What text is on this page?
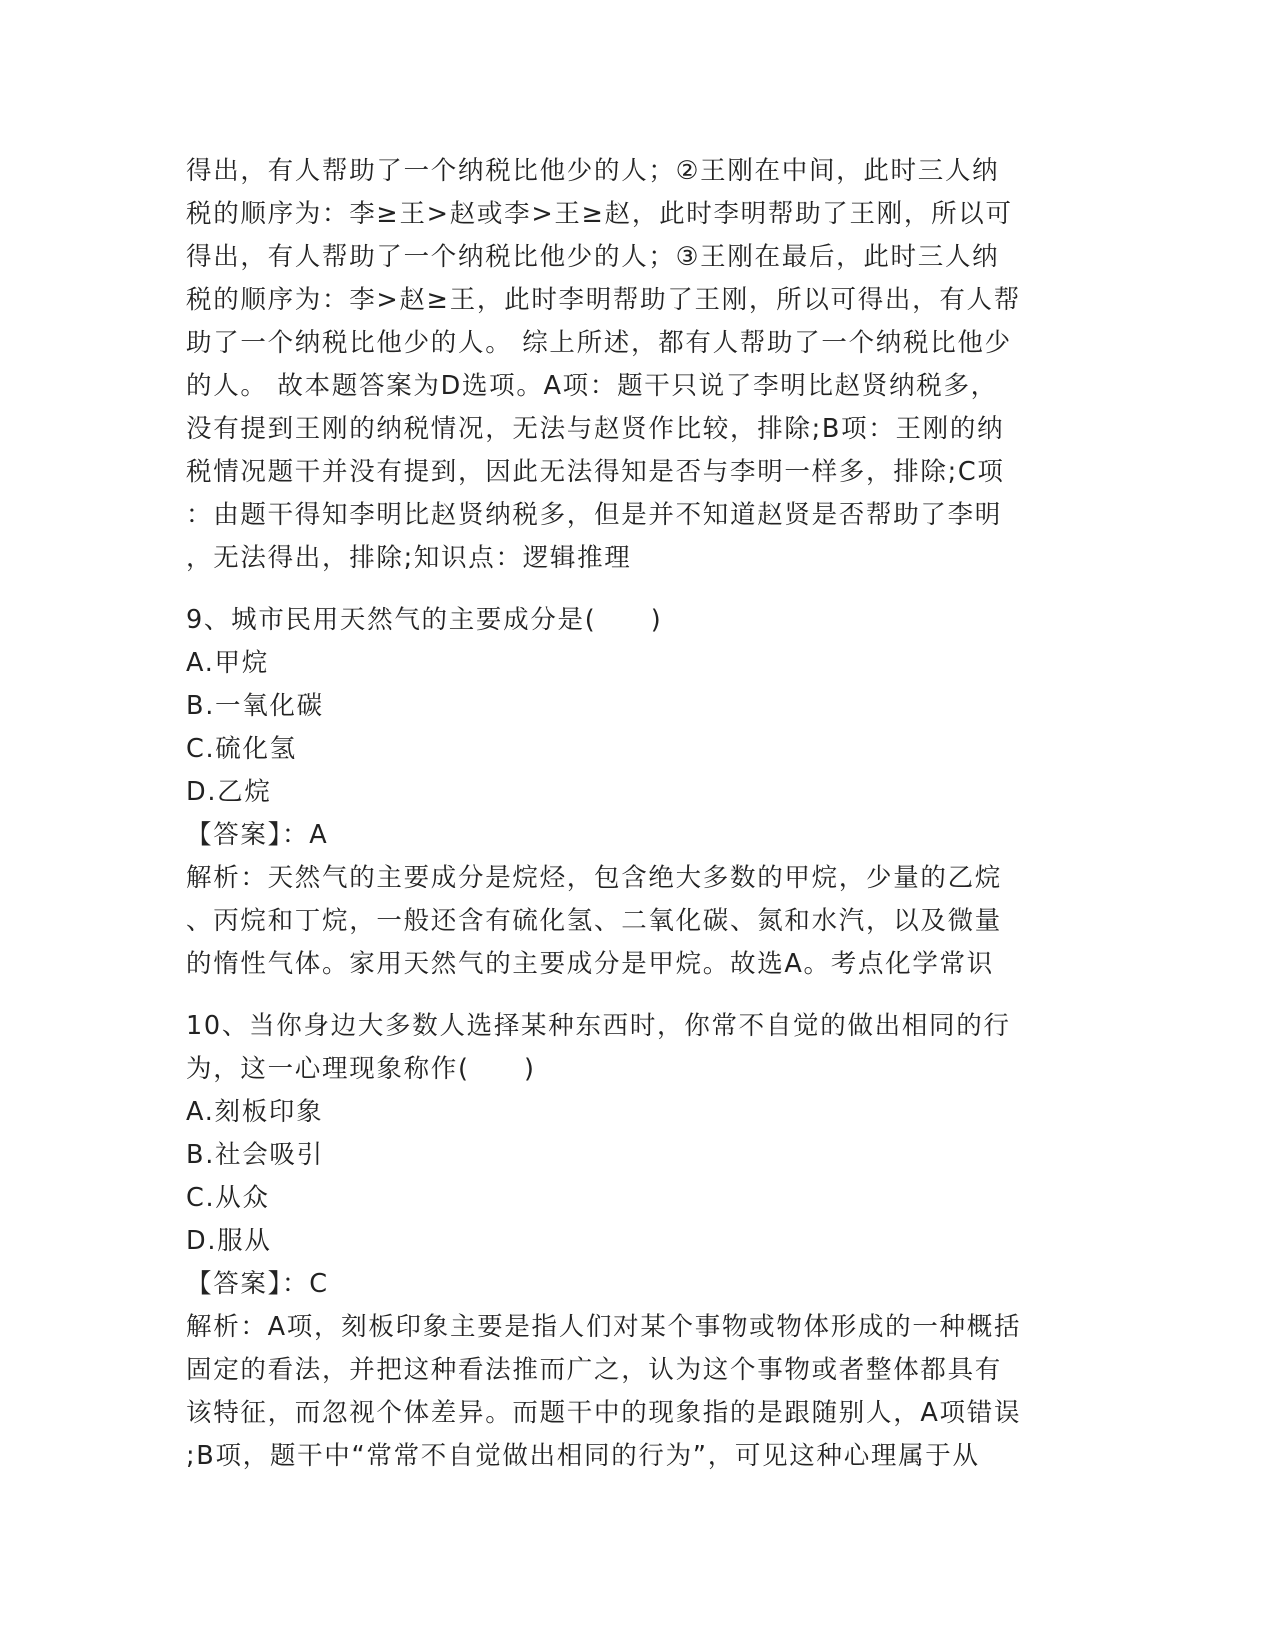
得出，有人帮助了一个纳税比他少的人；②王刚在中间，此时三人纳
税的顺序为：李≥王>赵或李>王≥赵，此时李明帮助了王刚，所以可
得出，有人帮助了一个纳税比他少的人；③王刚在最后，此时三人纳
税的顺序为：李>赵≥王，此时李明帮助了王刚，所以可得出，有人帮
助了一个纳税比他少的人。 综上所述，都有人帮助了一个纳税比他少
的人。 故本题答案为D选项。A项：题干只说了李明比赵贤纳税多，
没有提到王刚的纳税情况，无法与赵贤作比较，排除;B项：王刚的纳
税情况题干并没有提到，因此无法得知是否与李明一样多，排除;C项
：由题干得知李明比赵贤纳税多，但是并不知道赵贤是否帮助了李明
，无法得出，排除;知识点：逻辑推理
9、城市民用天然气的主要成分是(　　)
A.甲烷
B.一氧化碳
C.硫化氢
D.乙烷
【答案】：A
解析：天然气的主要成分是烷烃，包含绝大多数的甲烷，少量的乙烷
、丙烷和丁烷，一般还含有硫化氢、二氧化碳、氮和水汽，以及微量
的惰性气体。家用天然气的主要成分是甲烷。故选A。考点化学常识
10、当你身边大多数人选择某种东西时，你常不自觉的做出相同的行
为，这一心理现象称作(　　)
A.刻板印象
B.社会吸引
C.从众
D.服从
【答案】：C
解析：A项，刻板印象主要是指人们对某个事物或物体形成的一种概括
固定的看法，并把这种看法推而广之，认为这个事物或者整体都具有
该特征，而忽视个体差异。而题干中的现象指的是跟随别人，A项错误
;B项，题干中“常常不自觉做出相同的行为”，可见这种心理属于从
